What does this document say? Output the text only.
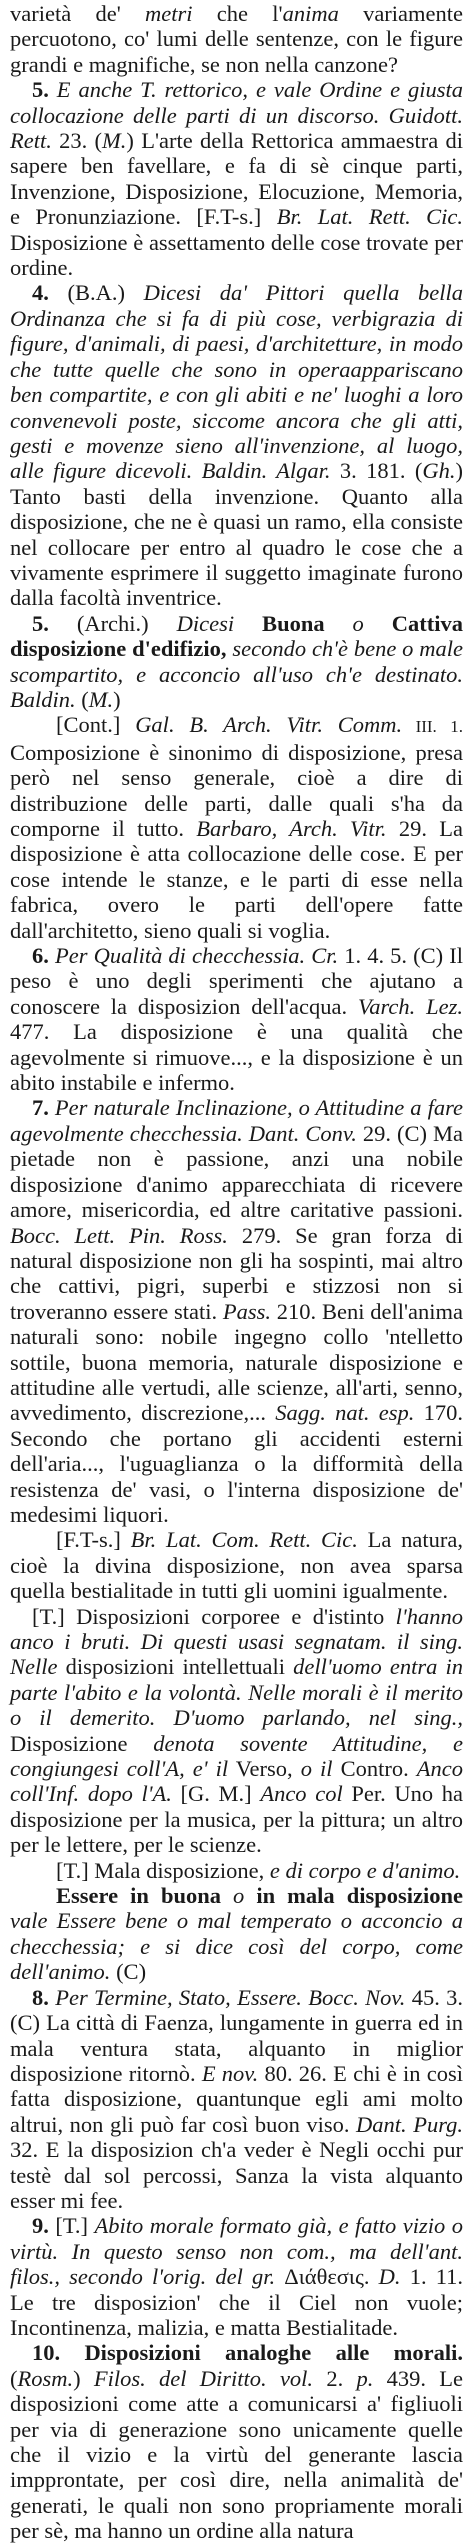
varietà de' metri che l'anima variamente percuotono, co' lumi delle sentenze, con le figure grandi e magnifiche, se non nella canzone?

5. E anche T. rettorico, e vale Ordine e giusta collocazione delle parti di un discorso. Guidott. Rett. 23. (M.) L'arte della Rettorica ammaestra di sapere ben favellare, e fa di sè cinque parti, Invenzione, Disposizione, Elocuzione, Memoria, e Pronunziazione. [F.T-s.] Br. Lat. Rett. Cic. Disposizione è assettamento delle cose trovate per ordine.

4. (B.A.) Dicesi da' Pittori quella bella Ordinanza che si fa di più cose, verbigrazia di figure, d'animali, di paesi, d'architetture, in modo che tutte quelle che sono in operaappariscano ben compartite, e con gli abiti e ne' luoghi a loro convenevoli poste, siccome ancora che gli atti, gesti e movenze sieno all'invenzione, al luogo, alle figure dicevoli. Baldin. Algar. 3. 181. (Gh.) Tanto basti della invenzione. Quanto alla disposizione, che ne è quasi un ramo, ella consiste nel collocare per entro al quadro le cose che a vivamente esprimere il suggetto imaginate furono dalla facoltà inventrice.

5. (Archi.) Dicesi Buona o Cattiva disposizione d'edifizio, secondo ch'è bene o male scompartito, e acconcio all'uso ch'e destinato. Baldin. (M.)

[Cont.] Gal. B. Arch. Vitr. Comm. III. 1. Composizione è sinonimo di disposizione, presa però nel senso generale, cioè a dire di distribuzione delle parti, dalle quali s'ha da comporne il tutto. Barbaro, Arch. Vitr. 29. La disposizione è atta collocazione delle cose. E per cose intende le stanze, e le parti di esse nella fabrica, overo le parti dell'opere fatte dall'architetto, sieno quali si voglia.

6. Per Qualità di checchessia. Cr. 1. 4. 5. (C) Il peso è uno degli sperimenti che ajutano a conoscere la disposizion dell'acqua. Varch. Lez. 477. La disposizione è una qualità che agevolmente si rimuove..., e la disposizione è un abito instabile e infermo.

7. Per naturale Inclinazione, o Attitudine a fare agevolmente checchessia. Dant. Conv. 29. (C) Ma pietade non è passione, anzi una nobile disposizione d'animo apparecchiata di ricevere amore, misericordia, ed altre caritative passioni. Bocc. Lett. Pin. Ross. 279. Se gran forza di natural disposizione non gli ha sospinti, mai altro che cattivi, pigri, superbi e stizzosi non si troveranno essere stati. Pass. 210. Beni dell'anima naturali sono: nobile ingegno collo 'ntelletto sottile, buona memoria, naturale disposizione e attitudine alle vertudi, alle scienze, all'arti, senno, avvedimento, discrezione,... Sagg. nat. esp. 170. Secondo che portano gli accidenti esterni dell'aria..., l'uguaglianza o la difformità della resistenza de' vasi, o l'interna disposizione de' medesimi liquori.

[F.T-s.] Br. Lat. Com. Rett. Cic. La natura, cioè la divina disposizione, non avea sparsa quella bestialitade in tutti gli uomini igualmente.

[T.] Disposizioni corporee e d'istinto l'hanno anco i bruti. Di questi usasi segnatam. il sing. Nelle disposizioni intellettuali dell'uomo entra in parte l'abito e la volontà. Nelle morali è il merito o il demerito. D'uomo parlando, nel sing., Disposizione denota sovente Attitudine, e congiungesi coll'A, e' il Verso, o il Contro. Anco coll'Inf. dopo l'A. [G. M.] Anco col Per. Uno ha disposizione per la musica, per la pittura; un altro per le lettere, per le scienze.

[T.] Mala disposizione, e di corpo e d'animo.

Essere in buona o in mala disposizione vale Essere bene o mal temperato o acconcio a checchessia; e si dice così del corpo, come dell'animo. (C)

8. Per Termine, Stato, Essere. Bocc. Nov. 45. 3. (C) La città di Faenza, lungamente in guerra ed in mala ventura stata, alquanto in miglior disposizione ritornò. E nov. 80. 26. E chi è in così fatta disposizione, quantunque egli ami molto altrui, non gli può far così buon viso. Dant. Purg. 32. E la disposizion ch'a veder è Negli occhi pur testè dal sol percossi, Sanza la vista alquanto esser mi fee.

9. [T.] Abito morale formato già, e fatto vizio o virtù. In questo senso non com., ma dell'ant. filos., secondo l'orig. del gr. Διάθεσις. D. 1. 11. Le tre disposizion' che il Ciel non vuole; Incontinenza, malizia, e matta Bestialitade.

10. Disposizioni analoghe alle morali. (Rosm.) Filos. del Diritto. vol. 2. p. 439. Le disposizioni come atte a comunicarsi a' figliuoli per via di generazione sono unicamente quelle che il vizio e la virtù del generante lascia impprontate, per così dire, nella animalità de' generati, le quali non sono propriamente morali per sè, ma hanno un ordine alla natura
